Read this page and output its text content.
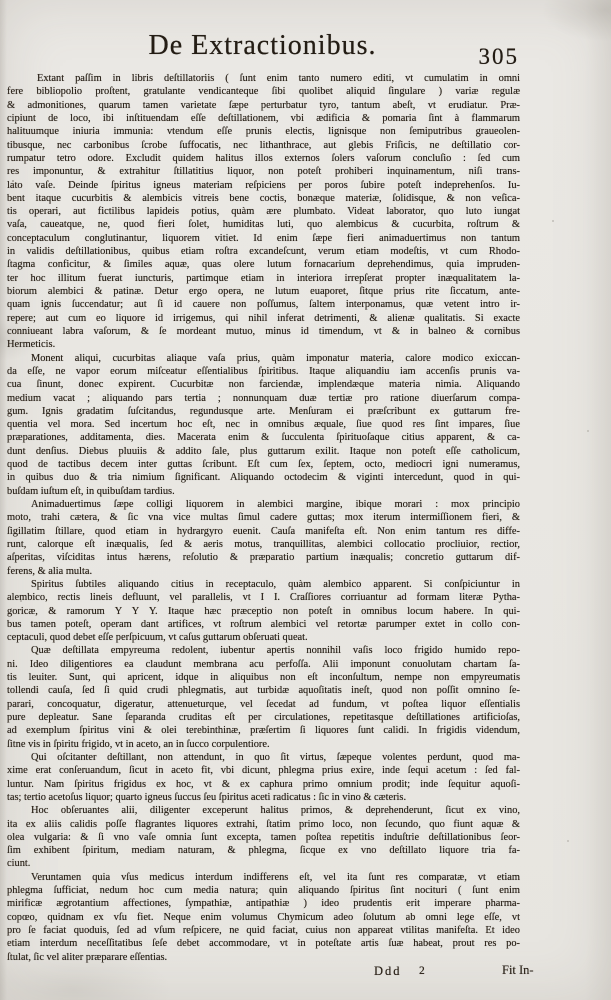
De Extractionibus.	305
Extant paſſim in libris deſtillatoriis ( ſunt enim tanto numero editi, vt cumulatim in omni
fere bibliopolio proſtent, gratulante vendicanteque ſibi quolibet aliquid ſingulare ) variæ regulæ
& admonitiones, quarum tamen varietate ſæpe perturbatur tyro, tantum abeſt, vt erudiatur. Præ-
cipiunt de loco, ibi inſtituendam eſſe deſtillationem, vbi ædificia & pomaria ſint à flammarum
halituumque iniuria immunia: vtendum eſſe prunis electis, lignisque non ſemiputribus graueolen-
tibusque, nec carbonibus ſcrobe ſuffocatis, nec lithanthrace, aut glebis Friſicis, ne deſtillatio cor-
rumpatur tetro odore. Excludit quidem halitus illos externos ſolers vaſorum concluſio : ſed cum
res imponuntur, & extrahitur ſtillatitius liquor, non poteſt prohiberi inquinamentum, niſi trans-
lato vaſe. Deinde ſpiritus igneus materiam reſpiciens per poros ſubire poteſt indeprehenſos. Iu-
bent itaque cucurbitis & alembicis vitreis bene coctis, bonæque materiæ, ſolidisque, & non veſica-
tis operari, aut fictilibus lapideis potius, quàm ære plumbato. Videat laborator, quo luto iungat
vaſa, caueatque, ne, quod fieri ſolet, humiditas luti, quo alembicus & cucurbita, roſtrum &
conceptaculum conglutinantur, liquorem vitiet. Id enim ſæpe fieri animaduertimus non tantum
in validis deſtillationibus, quibus etiam roſtra excandeſcunt, verum etiam modeſtis, vt cum Rhodo-
ſtagma conficitur, & ſimiles aquæ, quas olere lutum fornacarium deprehendimus, quia impruden-
ter hoc illitum fuerat iuncturis, partimque etiam in interiora irrepſerat propter inæqualitatem la-
biorum alembici & patinæ. Detur ergo opera, ne lutum euaporet, ſitque prius rite ſiccatum, ante-
quam ignis ſuccendatur; aut ſi id cauere non poſſumus, ſaltem interponamus, quæ vetent intro ir-
repere; aut cum eo liquore id irrigemus, qui nihil inferat detrimenti, & alienæ qualitatis. Si exacte
conniueant labra vaſorum, & ſe mordeant mutuo, minus id timendum, vt & in balneo & cornibus
Hermeticis.
Monent aliqui, cucurbitas aliaque vaſa prius, quàm imponatur materia, calore modico exiccan-
da eſſe, ne vapor eorum miſceatur eſſentialibus ſpiritibus. Itaque aliquandiu iam accenſis prunis va-
cua ſinunt, donec expirent. Cucurbitæ non farciendæ, implendæque materia nimia. Aliquando
medium vacat ; aliquando pars tertia ; nonnunquam duæ tertiæ pro ratione diuerſarum compa-
gum. Ignis gradatim ſuſcitandus, regundusque arte. Menſuram ei præſcribunt ex guttarum fre-
quentia vel mora. Sed incertum hoc eſt, nec in omnibus æquale, ſiue quod res ſint impares, ſiue
præparationes, additamenta, dies. Macerata enim & ſucculenta ſpirituoſaque citius apparent, & ca-
dunt denſius. Diebus pluuiis & addito ſale, plus guttarum exilit. Itaque non poteſt eſſe catholicum,
quod de tactibus decem inter guttas ſcribunt. Eſt cum ſex, ſeptem, octo, mediocri igni numeramus,
in quibus duo & tria nimium ſignificant. Aliquando octodecim & viginti intercedunt, quod in qui-
buſdam iuſtum eſt, in quibuſdam tardius.
Animaduertimus ſæpe colligi liquorem in alembici margine, ibique morari : mox principio
moto, trahi cætera, & ſic vna vice multas ſimul cadere guttas; mox iterum intermiſſionem fieri, &
ſigillatim ſtillare, quod etiam in hydrargyro euenit. Cauſa manifeſta eſt. Non enim tantum res diffe-
runt, calorque eſt inæqualis, ſed & aeris motus, tranquillitas, alembici collocatio procliuior, rectior,
aſperitas, viſciditas intus hærens, reſolutio & præparatio partium inæqualis; concretio guttarum dif-
ferens, & alia multa.
Spiritus ſubtiles aliquando citius in receptaculo, quàm alembico apparent. Si conſpiciuntur in
alembico, rectis lineis defluunt, vel parallelis, vt I I. Craſſiores corriuantur ad formam literæ Pytha-
goricæ, & ramorum Y Y Y. Itaque hæc præceptio non poteſt in omnibus locum habere. In qui-
bus tamen poteſt, operam dant artifices, vt roſtrum alembici vel retortæ parumper extet in collo con-
ceptaculi, quod debet eſſe perſpicuum, vt caſus guttarum obſeruati queat.
Quæ deſtillata empyreuma redolent, iubentur apertis nonnihil vaſis loco frigido humido repo-
ni. Ideo diligentiores ea claudunt membrana acu perfoſſa. Alii imponunt conuolutam chartam ſa-
tis leuiter. Sunt, qui apricent, idque in aliquibus non eſt inconſultum, nempe non empyreumatis
tollendi cauſa, ſed ſi quid crudi phlegmatis, aut turbidæ aquoſitatis ineſt, quod non poſſit omnino ſe-
parari, concoquatur, digeratur, attenueturque, vel ſecedat ad fundum, vt poſtea liquor eſſentialis
pure depleatur. Sane ſeparanda cruditas eſt per circulationes, repetitasque deſtillationes artificioſas,
ad exemplum ſpiritus vini & olei terebinthinæ, præſertim ſi liquores ſunt calidi. In frigidis videndum,
ſitne vis in ſpiritu frigido, vt in aceto, an in ſucco corpulentiore.
Qui oſcitanter deſtillant, non attendunt, in quo ſit virtus, ſæpeque volentes perdunt, quod ma-
xime erat conſeruandum, ſicut in aceto fit, vbi dicunt, phlegma prius exire, inde ſequi acetum : ſed fal-
luntur. Nam ſpiritus frigidus ex hoc, vt & ex caphura primo omnium prodit; inde ſequitur aquoſi-
tas; tertio acetoſus liquor; quarto igneus ſuccus ſeu ſpiritus aceti radicatus : ſic in vino & cæteris.
Hoc obſeruantes alii, diligenter exceperunt halitus primos, & deprehenderunt, ſicut ex vino,
ita ex aliis calidis poſſe flagrantes liquores extrahi, ſtatim primo loco, non ſecundo, quo fiunt aquæ &
olea vulgaria: & ſi vno vaſe omnia ſunt excepta, tamen poſtea repetitis induſtrie deſtillationibus ſeor-
ſim exhibent ſpiritum, mediam naturam, & phlegma, ſicque ex vno deſtillato liquore tria fa-
ciunt.
Veruntamen quia vſus medicus interdum indifferens eſt, vel ita ſunt res comparatæ, vt etiam
phlegma ſufficiat, nedum hoc cum media natura; quin aliquando ſpiritus ſint nocituri ( ſunt enim
mirificæ ægrotantium affectiones, ſympathiæ, antipathiæ ) ideo prudentis erit imperare pharma-
copœo, quidnam ex vſu fiet. Neque enim volumus Chymicum adeo ſolutum ab omni lege eſſe, vt
pro ſe faciat quoduis, ſed ad vſum reſpicere, ne quid faciat, cuius non appareat vtilitas manifeſta. Et ideo
etiam interdum neceſſitatibus ſeſe debet accommodare, vt in poteſtate artis ſuæ habeat, prout res po-
ſtulat, ſic vel aliter præparare eſſentias.
Ddd 2	Fit In-
